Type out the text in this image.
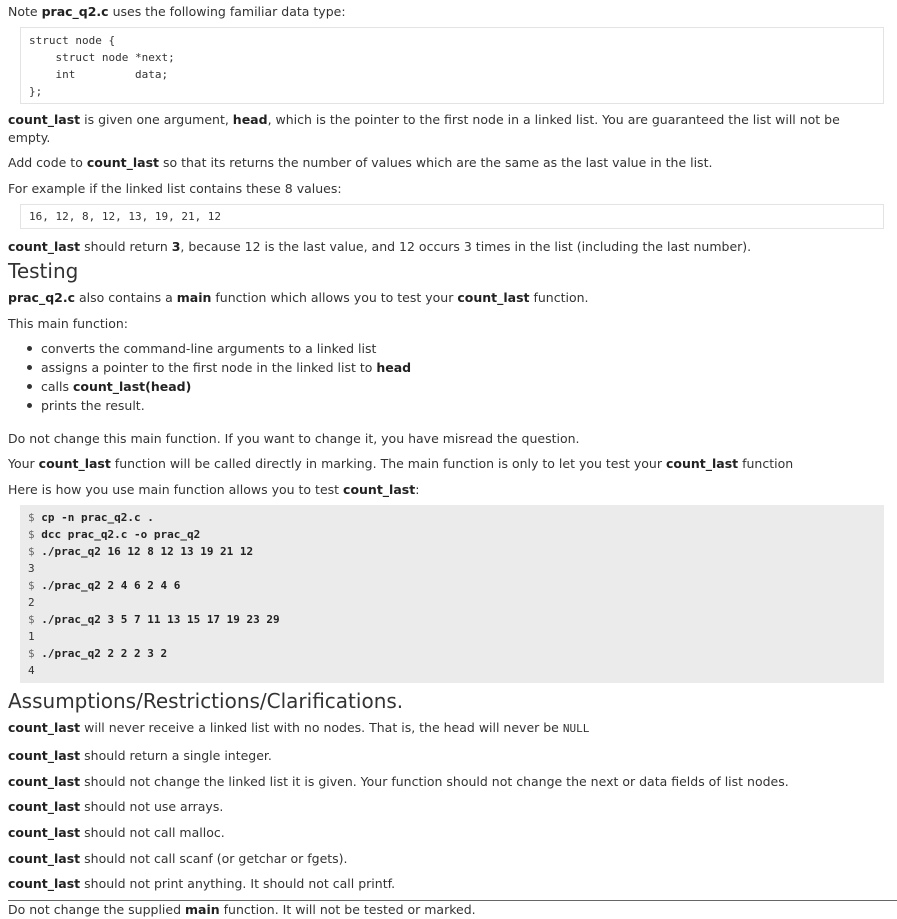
Note prac_q2.c uses the following familiar data type:

struct node {
struct node *next;
int         data;
};

count_last is given one argument, head, which is the pointer to the first node in a linked list. You are guaranteed the list will not be empty.

Add code to count_last so that its returns the number of values which are the same as the last value in the list.

For example if the linked list contains these 8 values:

16, 12, 8, 12, 13, 19, 21, 12

count_last should return 3, because 12 is the last value, and 12 occurs 3 times in the list (including the last number).

Testing

prac_q2.c also contains a main function which allows you to test your count_last function.

This main function:

converts the command-line arguments to a linked list
assigns a pointer to the first node in the linked list to head
calls count_last(head)
prints the result.

Do not change this main function. If you want to change it, you have misread the question.

Your count_last function will be called directly in marking. The main function is only to let you test your count_last function

Here is how you use main function allows you to test count_last:

$ cp -n prac_q2.c .
$ dcc prac_q2.c -o prac_q2
$ ./prac_q2 16 12 8 12 13 19 21 12
3
$ ./prac_q2 2 4 6 2 4 6
2
$ ./prac_q2 3 5 7 11 13 15 17 19 23 29
1
$ ./prac_q2 2 2 2 3 2
4
Assumptions/Restrictions/Clarifications.

count_last will never receive a linked list with no nodes. That is, the head will never be NULL

count_last should return a single integer.

count_last should not change the linked list it is given. Your function should not change the next or data fields of list nodes.

count_last should not use arrays.

count_last should not call malloc.

count_last should not call scanf (or getchar or fgets).

count_last should not print anything. It should not call printf.

Do not change the supplied main function. It will not be tested or marked.
